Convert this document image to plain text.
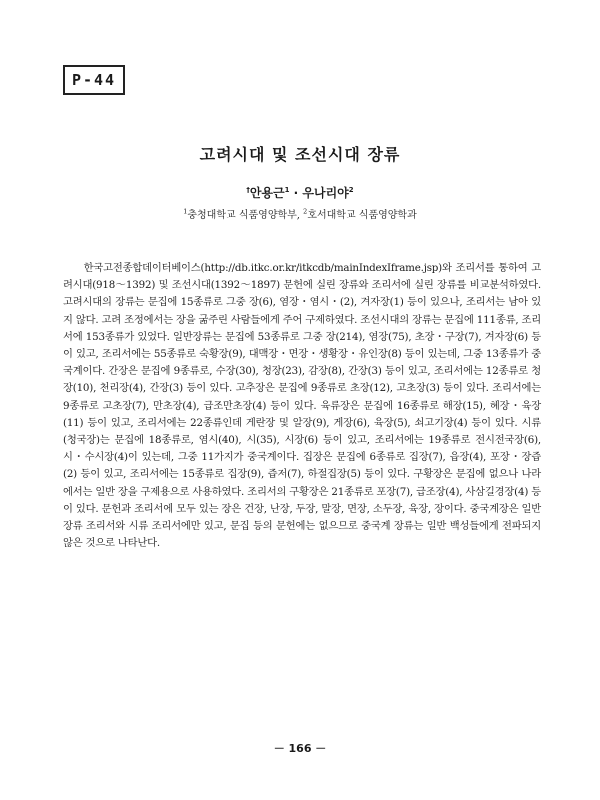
P-44
고려시대 및 조선시대 장류
†안용근$^1$ · 우나리야$^2$
$^1$충청대학교 식품영양학부, $^2$호서대학교 식품영양학과

한국고전종합데이터베이스(http://db.itkc.or.kr/itkcdb/mainIndexIframe.jsp)와 조리서를 통하여 고려시대(918～1392) 및 조선시대(1392～1897) 문헌에 실린 장류와 조리서에 실린 장류를 비교분석하였다. 고려시대의 장류는 문집에 15종류로 그중 장(6), 염장・염시・(2), 겨자장(1) 등이 있으나, 조리서는 남아 있지 않다. 고려 조정에서는 장을 굶주린 사람들에게 주어 구제하였다. 조선시대의 장류는 문집에 111종류, 조리서에 153종류가 있었다. 일반장류는 문집에 53종류로 그중 장(214), 염장(75), 초장・구장(7), 겨자장(6) 등이 있고, 조리서에는 55종류로 숙황장(9), 대맥장・면장・생황장・유인장(8) 등이 있는데, 그중 13종류가 중국계이다. 간장은 문집에 9종류로, 수장(30), 청장(23), 감장(8), 간장(3) 등이 있고, 조리서에는 12종류로 청장(10), 천리장(4), 간장(3) 등이 있다. 고추장은 문집에 9종류로 초장(12), 고초장(3) 등이 있다. 조리서에는 9종류로 고초장(7), 만초장(4), 급조만초장(4) 등이 있다. 육류장은 문집에 16종류로 해장(15), 혜장・육장(11) 등이 있고, 조리서에는 22종류인데 게란장 및 알장(9), 게장(6), 육장(5), 쇠고기장(4) 등이 있다. 시류(청국장)는 문집에 18종류로, 염시(40), 시(35), 시장(6) 등이 있고, 조리서에는 19종류로 전시전국장(6), 시・수시장(4)이 있는데, 그중 11가지가 중국계이다. 집장은 문집에 6종류로 집장(7), 읍장(4), 포장・장즙(2) 등이 있고, 조리서에는 15종류로 집장(9), 즙저(7), 하절집장(5) 등이 있다. 구황장은 문집에 없으나 나라에서는 일반 장을 구제용으로 사용하였다. 조리서의 구황장은 21종류로 포장(7), 급조장(4), 사삼길경장(4) 등이 있다. 문헌과 조리서에 모두 있는 장은 건장, 난장, 두장, 말장, 면장, 소두장, 육장, 장이다. 중국계장은 일반장류 조리서와 시류 조리서에만 있고, 문집 등의 문헌에는 없으므로 중국계 장류는 일반 백성들에게 전파되지 않은 것으로 나타난다.

－ 166 －
